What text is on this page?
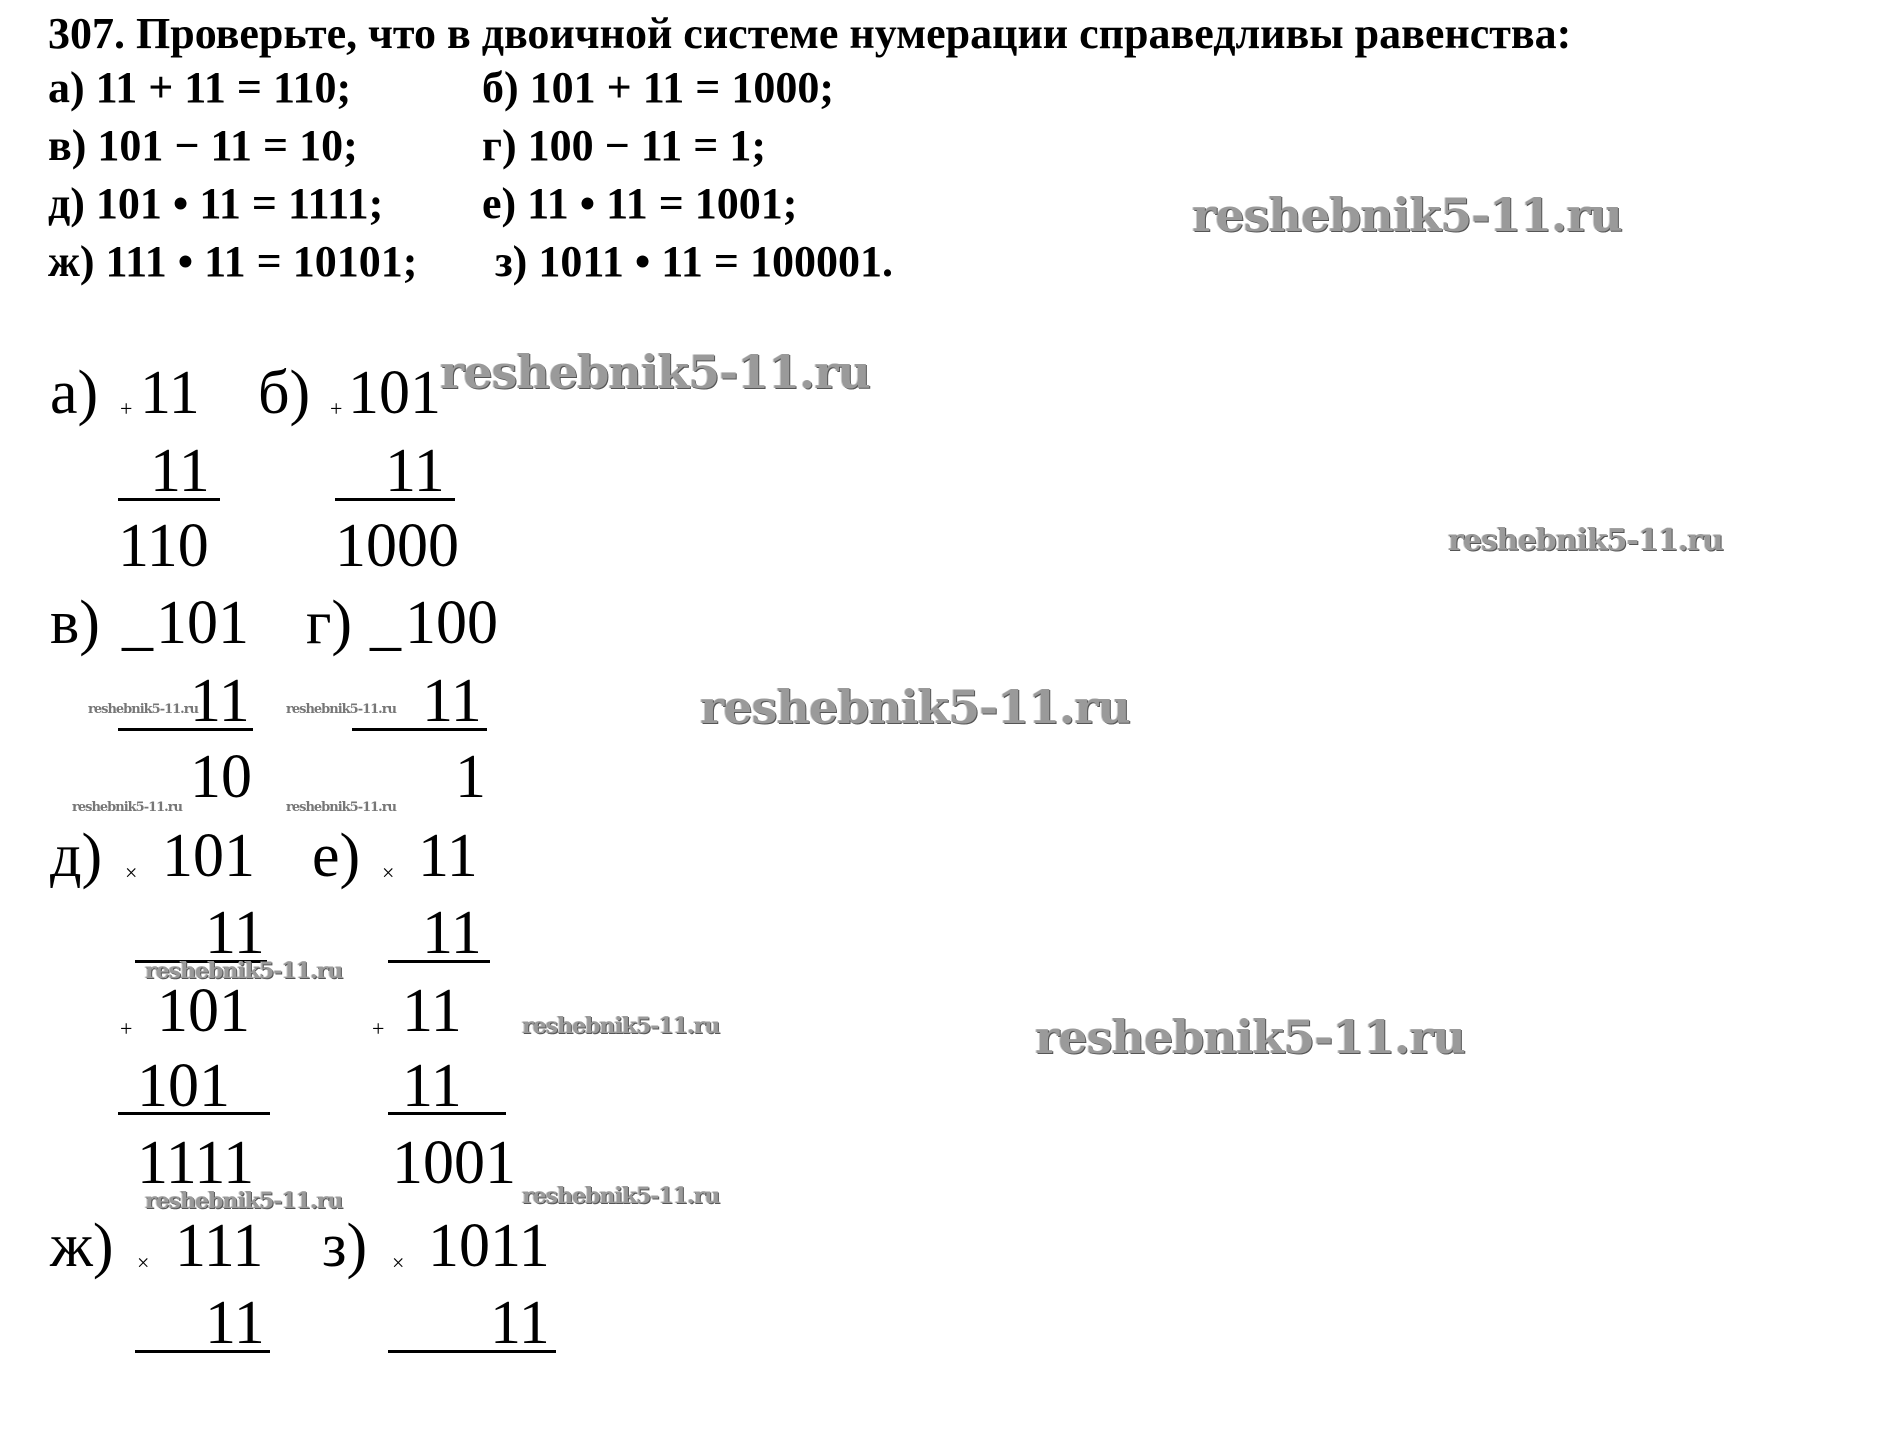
307. Проверьте, что в двоичной системе нумерации справедливы равенства:
а) 11 + 11 = 110;	б) 101 + 11 = 1000;
в) 101 − 11 = 10;	г) 100 − 11 = 1;
д) 101 • 11 = 1111; е) 11 • 11 = 1001;
ж) 111 • 11 = 10101; з) 1011 • 11 = 100001.
а) + 11
11
110
б) + 101
11
1000
в) _ 101
11
10
г) _ 100
11
1
д) × 101
11
+ 101
101
1111
е) × 11
11
+ 11
11
1001
ж) × 111
11
з) × 1011
11
reshebnik5-11.ru
reshebnik5-11.ru
reshebnik5-11.ru
reshebnik5-11.ru
reshebnik5-11.ru	reshebnik5-11.ru
reshebnik5-11.ru	reshebnik5-11.ru
reshebnik5-11.ru
reshebnik5-11.ru	reshebnik5-11.ru
reshebnik5-11.ru	reshebnik5-11.ru
